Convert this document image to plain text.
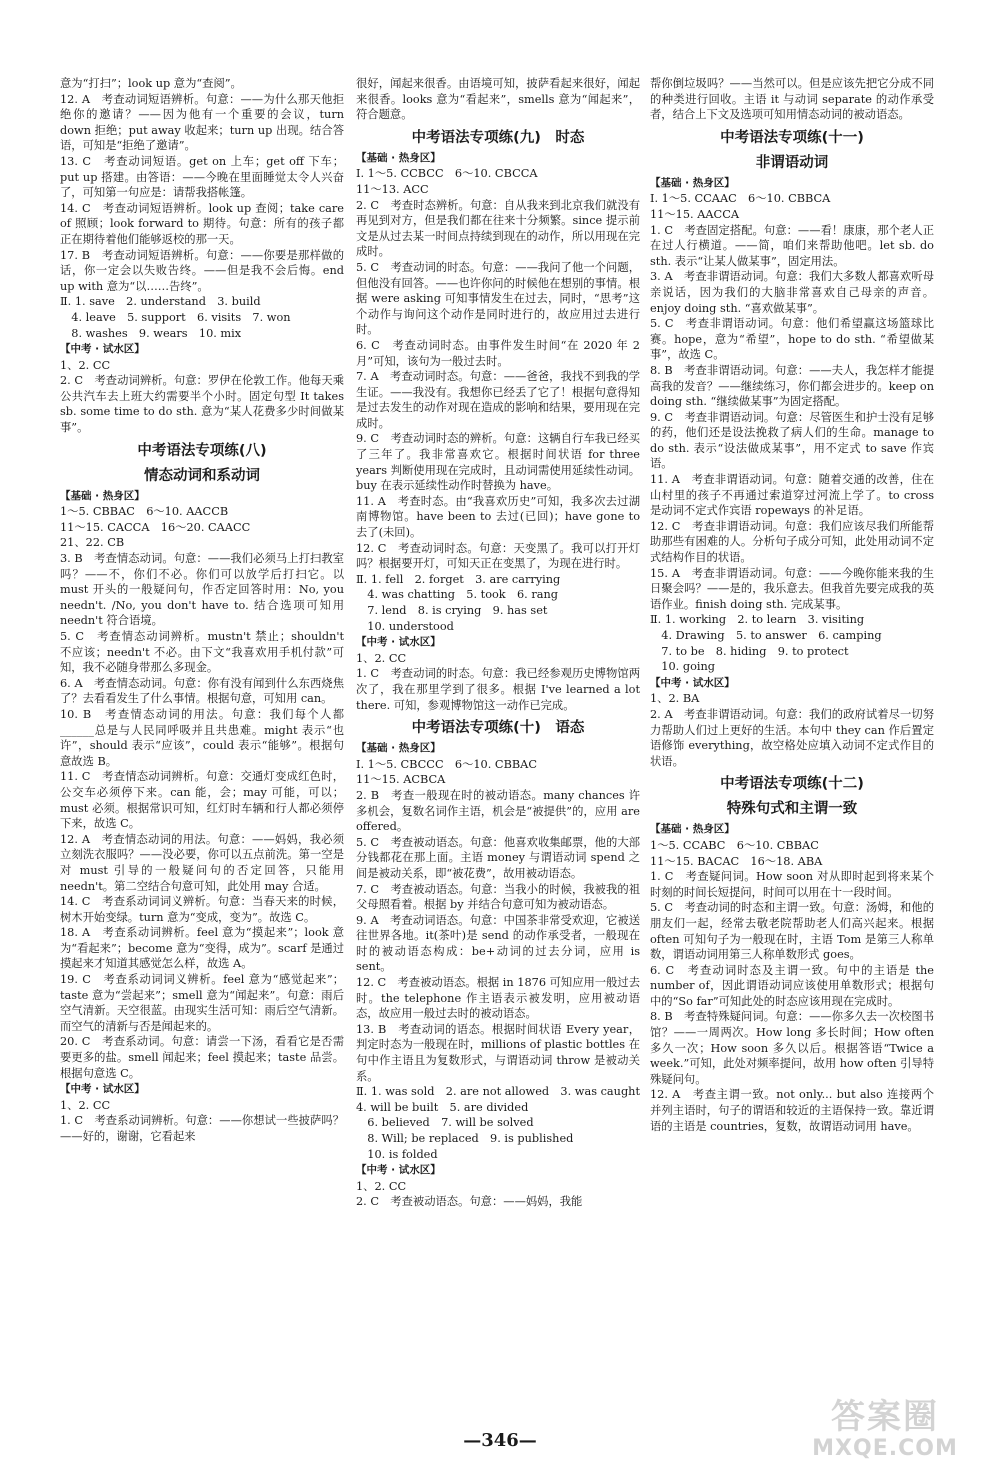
意为“打扫”；look up 意为“查阅”。
12. A　考查动词短语辨析。句意：——为什么那天他拒绝你的邀请？——因为他有一个重要的会议，turn down 拒绝；put away 收起来；turn up 出现。结合答语，可知是“拒绝了邀请”。
13. C　考查动词短语。get on 上车；get off 下车；put up 搭建。由答语：——今晚在里面睡觉太令人兴奋了，可知第一句应是：请帮我搭帐篷。
14. C　考查动词短语辨析。look up 查阅；take care of 照顾；look forward to 期待。句意：所有的孩子都正在期待着他们能够返校的那一天。
17. B　考查动词短语辨析。句意：——你要是那样做的话，你一定会以失败告终。——但是我不会后悔。end up with 意为“以……告终”。
Ⅱ. 1. save　2. understand　3. build
　4. leave　5. support　6. visits　7. won
　8. washes　9. wears　10. mix
【中考 · 试水区】
1、2. CC
2. C　考查动词辨析。句意：罗伊在伦敦工作。他每天乘公共汽车去上班大约需要半个小时。固定句型 It takes sb. some time to do sth. 意为“某人花费多少时间做某事”。
中考语法专项练(八)
情态动词和系动词
【基础 · 热身区】
1～5. CBBAC　6～10. AACCB
11～15. CACCA　16～20. CAACC
21、22. CB
3. B　考查情态动词。句意：——我们必须马上打扫教室吗？——不，你们不必。你们可以放学后打扫它。以 must 开头的一般疑问句，作否定回答时用：No, you needn't. /No, you don't have to. 结合选项可知用 needn't 符合语境。
5. C　考查情态动词辨析。mustn't 禁止；shouldn't 不应该；needn't 不必。由下文“我喜欢用手机付款”可知，我不必随身带那么多现金。
6. A　考查情态动词。句意：你有没有闻到什么东西烧焦了？去看看发生了什么事情。根据句意，可知用 can。
10. B　考查情态动词的用法。句意：我们每个人都______总是与人民同呼吸并且共患难。might 表示“也许”，should 表示“应该”，could 表示“能够”。根据句意故选 B。
11. C　考查情态动词辨析。句意：交通灯变成红色时，公交车必须停下来。can 能，会；may 可能，可以；must 必须。根据常识可知，红灯时车辆和行人都必须停下来，故选 C。
12. A　考查情态动词的用法。句意：——妈妈，我必须立刻洗衣服吗？——没必要，你可以五点前洗。第一空是对 must 引导的一般疑问句的否定回答，只能用 needn't。第二空结合句意可知，此处用 may 合适。
14. C　考查系动词词义辨析。句意：当春天来的时候，树木开始变绿。turn 意为“变成，变为”。故选 C。
18. A　考查系动词辨析。feel 意为“摸起来”；look 意为“看起来”；become 意为“变得，成为”。scarf 是通过摸起来才知道其感觉怎么样，故选 A。
19. C　考查系动词词义辨析。feel 意为“感觉起来”；taste 意为“尝起来”；smell 意为“闻起来”。句意：雨后空气清新。天空很蓝。由现实生活可知：雨后空气清新。而空气的清新与否是闻起来的。
20. C　考查系动词。句意：请尝一下汤，看看它是否需要更多的盐。smell 闻起来；feel 摸起来；taste 品尝。根据句意选 C。
【中考 · 试水区】
1、2. CC
1. C　考查系动词辨析。句意：——你想试一些披萨吗？——好的，谢谢，它看起来
很好，闻起来很香。由语境可知，披萨看起来很好，闻起来很香。looks 意为“看起来”，smells 意为“闻起来”，符合题意。
中考语法专项练(九)　时态
【基础 · 热身区】
Ⅰ. 1～5. CCBCC　6～10. CBCCA
11～13. ACC
2. C　考查时态辨析。句意：自从我来到北京我们就没有再见到对方，但是我们都在往来十分频繁。since 提示前文是从过去某一时间点持续到现在的动作，所以用现在完成时。
5. C　考查动词的时态。句意：——我问了他一个问题，但他没有回答。——也许你问的时候他在想别的事情。根据 were asking 可知事情发生在过去，同时，“思考”这个动作与询问这个动作是同时进行的，故应用过去进行时。
6. C　考查动词时态。由事件发生时间“在 2020 年 2 月”可知，该句为一般过去时。
7. A　考查动词时态。句意：——爸爸，我找不到我的学生证。——我没有。我想你已经丢了它了！根据句意得知是过去发生的动作对现在造成的影响和结果，要用现在完成时。
9. C　考查动词时态的辨析。句意：这辆自行车我已经买了三年了。我非常喜欢它。根据时间状语 for three years 判断使用现在完成时，且动词需使用延续性动词。buy 在表示延续性动作时替换为 have。
11. A　考查时态。由“我喜欢历史”可知，我多次去过湖南博物馆。have been to 去过(已回)；have gone to 去了(未回)。
12. C　考查动词时态。句意：天变黑了。我可以打开灯吗？根据要开灯，可知天正在变黑了，为现在进行时。
Ⅱ. 1. fell　2. forget　3. are carrying
　4. was chatting　5. took　6. rang
　7. lend　8. is crying　9. has set
　10. understood
【中考 · 试水区】
1、2. CC
1. C　考查动词的时态。句意：我已经参观历史博物馆两次了，我在那里学到了很多。根据 I've learned a lot there. 可知，参观博物馆这一动作已完成。
中考语法专项练(十)　语态
【基础 · 热身区】
Ⅰ. 1～5. CBCCC　6～10. CBBAC
11～15. ACBCA
2. B　考查一般现在时的被动语态。many chances 许多机会，复数名词作主语，机会是“被提供”的，应用 are offered。
5. C　考查被动语态。句意：他喜欢收集邮票，他的大部分钱都花在那上面。主语 money 与谓语动词 spend 之间是被动关系，即“被花费”，故用被动语态。
7. C　考查被动语态。句意：当我小的时候，我被我的祖父母照看着。根据 by 并结合句意可知为被动语态。
9. A　考查动词语态。句意：中国茶非常受欢迎，它被送往世界各地。it(茶叶)是 send 的动作承受者，一般现在时的被动语态构成：be+动词的过去分词，应用 is sent。
12. C　考查被动语态。根据 in 1876 可知应用一般过去时。the telephone 作主语表示被发明，应用被动语态，故应用一般过去时的被动语态。
13. B　考查动词的语态。根据时间状语 Every year，判定时态为一般现在时，millions of plastic bottles 在句中作主语且为复数形式，与谓语动词 throw 是被动关系。
Ⅱ. 1. was sold　2. are not allowed　3. was caught　4. will be built　5. are divided
　6. believed　7. will be solved
　8. Will; be replaced　9. is published
　10. is folded
【中考 · 试水区】
1、2. CC
2. C　考查被动语态。句意：——妈妈，我能
帮你倒垃圾吗？——当然可以。但是应该先把它分成不同的种类进行回收。主语 it 与动词 separate 的动作承受者，结合上下文及选项可知用情态动词的被动语态。
中考语法专项练(十一)
非谓语动词
【基础 · 热身区】
Ⅰ. 1～5. CCAAC　6～10. CBBCA
11～15. AACCA
1. C　考查固定搭配。句意：——看！康康，那个老人正在过人行横道。——简，咱们来帮助他吧。let sb. do sth. 表示“让某人做某事”，固定用法。
3. A　考查非谓语动词。句意：我们大多数人都喜欢听母亲说话，因为我们的大脑非常喜欢自己母亲的声音。enjoy doing sth. “喜欢做某事”。
5. C　考查非谓语动词。句意：他们希望赢这场篮球比赛。hope，意为“希望”，hope to do sth. “希望做某事”，故选 C。
8. B　考查非谓语动词。句意：——夫人，我怎样才能提高我的发音？——继续练习，你们都会进步的。keep on doing sth. “继续做某事”为固定搭配。
9. C　考查非谓语动词。句意：尽管医生和护士没有足够的药，他们还是设法挽救了病人们的生命。manage to do sth. 表示“设法做成某事”，用不定式 to save 作宾语。
11. A　考查非谓语动词。句意：随着交通的改善，住在山村里的孩子不再通过索道穿过河流上学了。to cross 是动词不定式作宾语 ropeways 的补足语。
12. C　考查非谓语动词。句意：我们应该尽我们所能帮助那些有困难的人。分析句子成分可知，此处用动词不定式结构作目的状语。
15. A　考查非谓语动词。句意：——今晚你能来我的生日聚会吗？——是的，我乐意去。但我首先要完成我的英语作业。finish doing sth. 完成某事。
Ⅱ. 1. working　2. to learn　3. visiting
　4. Drawing　5. to answer　6. camping
　7. to be　8. hiding　9. to protect
　10. going
【中考 · 试水区】
1、2. BA
2. A　考查非谓语动词。句意：我们的政府试着尽一切努力帮助人们过上更好的生活。本句中 they can 作后置定语修饰 everything，故空格处应填入动词不定式作目的状语。
中考语法专项练(十二)
特殊句式和主谓一致
【基础 · 热身区】
1～5. CCABC　6～10. CBBAC
11～15. BACAC　16～18. ABA
1. C　考查疑问词。How soon 对从即时起到将来某个时刻的时间长短提问，时间可以用在十一段时间。
5. C　考查动词的时态和主谓一致。句意：汤姆，和他的朋友们一起，经常去敬老院帮助老人们高兴起来。根据 often 可知句子为一般现在时，主语 Tom 是第三人称单数，谓语动词用第三人称单数形式 goes。
6. C　考查动词时态及主谓一致。句中的主语是 the number of，因此谓语动词应该使用单数形式；根据句中的“So far”可知此处的时态应该用现在完成时。
8. B　考查特殊疑问词。句意：——你多久去一次校图书馆？——一周两次。How long 多长时间；How often 多久一次；How soon 多久以后。根据答语“Twice a week.”可知，此处对频率提问，故用 how often 引导特殊疑问句。
12. A　考查主谓一致。not only... but also 连接两个并列主语时，句子的谓语和较近的主语保持一致。靠近谓语的主语是 countries，复数，故谓语动词用 have。
—346—
答案圈
MXQE.COM
